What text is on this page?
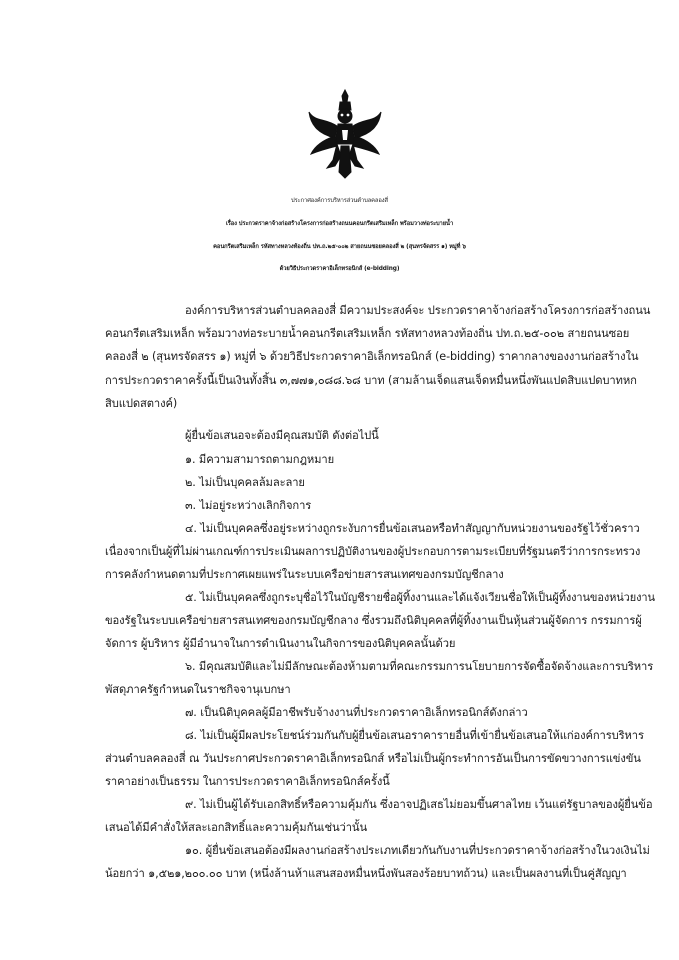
ประกาศองค์การบริหารส่วนตำบลคลองสี่
เรื่อง ประกวดราคาจ้างก่อสร้างโครงการก่อสร้างถนนคอนกรีตเสริมเหล็ก พร้อมวางท่อระบายน้ำ
คอนกรีตเสริมเหล็ก รหัสทางหลวงท้องถิ่น ปท.ถ.๒๕-๐๐๒ สายถนนซอยคลองสี่ ๒ (สุนทรจัดสรร ๑) หมู่ที่ ๖
ด้วยวิธีประกวดราคาอิเล็กทรอนิกส์ (e-bidding)
องค์การบริหารส่วนตำบลคลองสี่ มีความประสงค์จะ ประกวดราคาจ้างก่อสร้างโครงการก่อสร้างถนน
คอนกรีตเสริมเหล็ก พร้อมวางท่อระบายน้ำคอนกรีตเสริมเหล็ก รหัสทางหลวงท้องถิ่น ปท.ถ.๒๕-๐๐๒ สายถนนซอย
คลองสี่ ๒ (สุนทรจัดสรร ๑) หมู่ที่ ๖ ด้วยวิธีประกวดราคาอิเล็กทรอนิกส์ (e-bidding) ราคากลางของงานก่อสร้างใน
การประกวดราคาครั้งนี้เป็นเงินทั้งสิ้น ๓,๗๗๑,๐๘๘.๖๘ บาท (สามล้านเจ็ดแสนเจ็ดหมื่นหนึ่งพันแปดสิบแปดบาทหก
สิบแปดสตางค์)
ผู้ยื่นข้อเสนอจะต้องมีคุณสมบัติ ดังต่อไปนี้
๑. มีความสามารถตามกฎหมาย
๒. ไม่เป็นบุคคลล้มละลาย
๓. ไม่อยู่ระหว่างเลิกกิจการ
๔. ไม่เป็นบุคคลซึ่งอยู่ระหว่างถูกระงับการยื่นข้อเสนอหรือทำสัญญากับหน่วยงานของรัฐไว้ชั่วคราว
เนื่องจากเป็นผู้ที่ไม่ผ่านเกณฑ์การประเมินผลการปฏิบัติงานของผู้ประกอบการตามระเบียบที่รัฐมนตรีว่าการกระทรวง
การคลังกำหนดตามที่ประกาศเผยแพร่ในระบบเครือข่ายสารสนเทศของกรมบัญชีกลาง
๕. ไม่เป็นบุคคลซึ่งถูกระบุชื่อไว้ในบัญชีรายชื่อผู้ทิ้งงานและได้แจ้งเวียนชื่อให้เป็นผู้ทิ้งงานของหน่วยงาน
ของรัฐในระบบเครือข่ายสารสนเทศของกรมบัญชีกลาง ซึ่งรวมถึงนิติบุคคลที่ผู้ทิ้งงานเป็นหุ้นส่วนผู้จัดการ กรรมการผู้
จัดการ ผู้บริหาร ผู้มีอำนาจในการดำเนินงานในกิจการของนิติบุคคลนั้นด้วย
๖. มีคุณสมบัติและไม่มีลักษณะต้องห้ามตามที่คณะกรรมการนโยบายการจัดซื้อจัดจ้างและการบริหาร
พัสดุภาครัฐกำหนดในราชกิจจานุเบกษา
๗. เป็นนิติบุคคลผู้มีอาชีพรับจ้างงานที่ประกวดราคาอิเล็กทรอนิกส์ดังกล่าว
๘. ไม่เป็นผู้มีผลประโยชน์ร่วมกันกับผู้ยื่นข้อเสนอราคารายอื่นที่เข้ายื่นข้อเสนอให้แก่องค์การบริหาร
ส่วนตำบลคลองสี่ ณ วันประกาศประกวดราคาอิเล็กทรอนิกส์ หรือไม่เป็นผู้กระทำการอันเป็นการขัดขวางการแข่งขัน
ราคาอย่างเป็นธรรม ในการประกวดราคาอิเล็กทรอนิกส์ครั้งนี้
๙. ไม่เป็นผู้ได้รับเอกสิทธิ์หรือความคุ้มกัน ซึ่งอาจปฏิเสธไม่ยอมขึ้นศาลไทย เว้นแต่รัฐบาลของผู้ยื่นข้อ
เสนอได้มีคำสั่งให้สละเอกสิทธิ์และความคุ้มกันเช่นว่านั้น
๑๐. ผู้ยื่นข้อเสนอต้องมีผลงานก่อสร้างประเภทเดียวกันกับงานที่ประกวดราคาจ้างก่อสร้างในวงเงินไม่
น้อยกว่า ๑,๕๒๑,๒๐๐.๐๐ บาท (หนึ่งล้านห้าแสนสองหมื่นหนึ่งพันสองร้อยบาทถ้วน) และเป็นผลงานที่เป็นคู่สัญญา
